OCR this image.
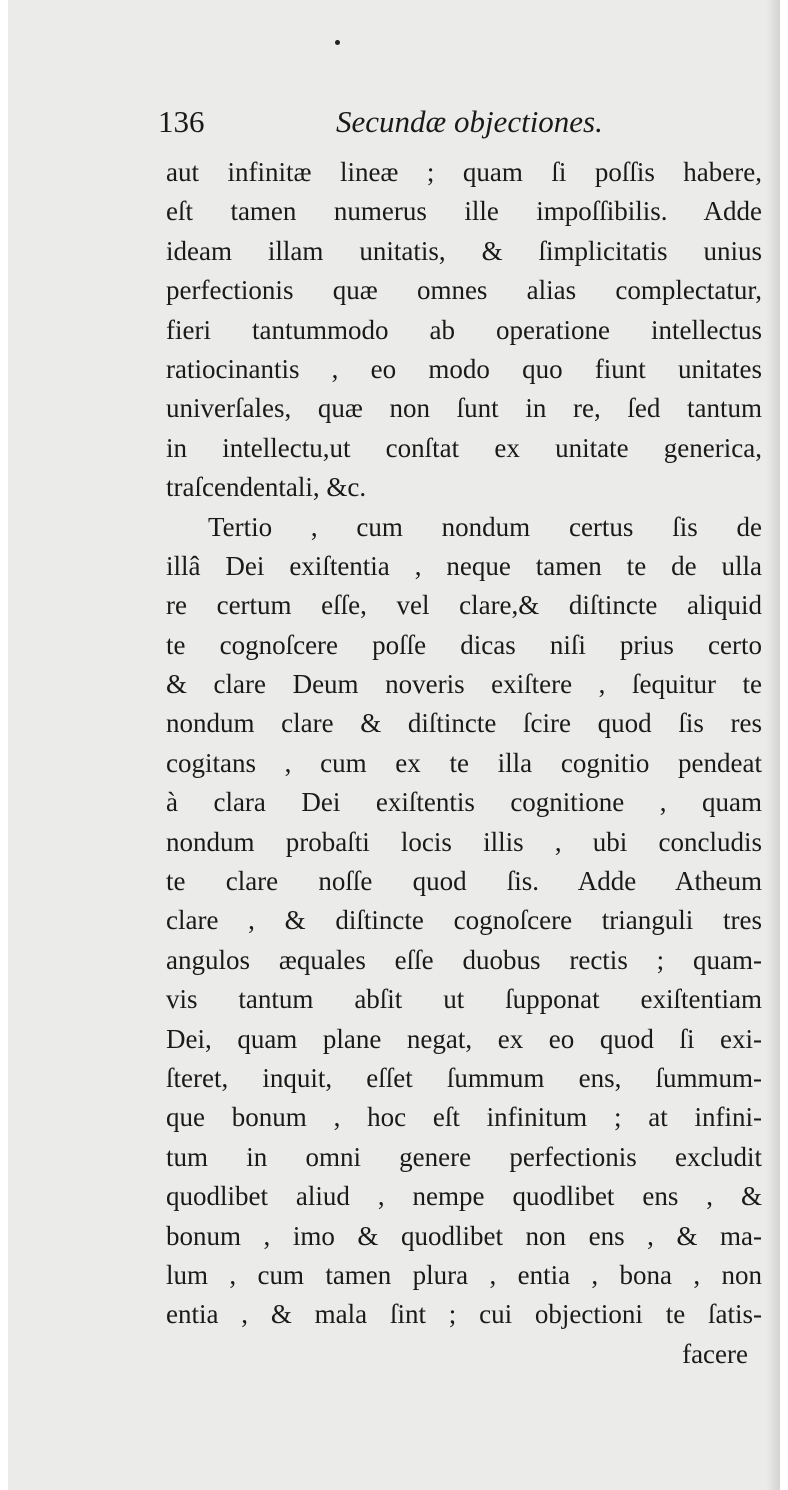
136	Secundæ objectiones.
aut infinitæ lineæ ; quam ſi poſſis habere,
eſt tamen numerus ille impoſſibilis. Adde
ideam illam unitatis, & ſimplicitatis unius
perfectionis quæ omnes alias complectatur,
fieri tantummodo ab operatione intellectus
ratiocinantis , eo modo quo fiunt unitates
univerſales, quæ non ſunt in re, ſed tantum
in intellectu,ut conſtat ex unitate generica,
traſcendentali, &c.
Tertio , cum nondum certus ſis de
illâ Dei exiſtentia , neque tamen te de ulla
re certum eſſe, vel clare,& diſtincte aliquid
te cognoſcere poſſe dicas niſi prius certo
& clare Deum noveris exiſtere , ſequitur te
nondum clare & diſtincte ſcire quod ſis res
cogitans , cum ex te illa cognitio pendeat
à clara Dei exiſtentis cognitione , quam
nondum probaſti locis illis , ubi concludis
te clare noſſe quod ſis. Adde Atheum
clare , & diſtincte cognoſcere trianguli tres
angulos æquales eſſe duobus rectis ; quam-
vis tantum abſit ut ſupponat exiſtentiam
Dei, quam plane negat, ex eo quod ſi exi-
ſteret, inquit, eſſet ſummum ens, ſummum-
que bonum , hoc eſt infinitum ; at infini-
tum in omni genere perfectionis excludit
quodlibet aliud , nempe quodlibet ens , &
bonum , imo & quodlibet non ens , & ma-
lum , cum tamen plura , entia , bona , non
entia , & mala ſint ; cui objectioni te ſatis-
facere
